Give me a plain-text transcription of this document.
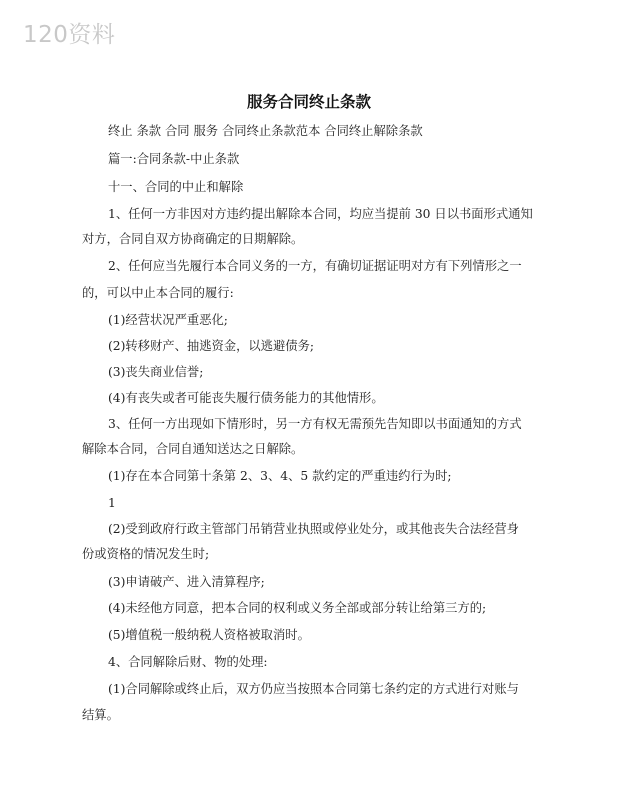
120资料
服务合同终止条款
终止 条款 合同 服务 合同终止条款范本 合同终止解除条款
篇一:合同条款-中止条款
十一、合同的中止和解除
1、任何一方非因对方违约提出解除本合同，均应当提前 30 日以书面形式通知
对方，合同自双方协商确定的日期解除。
2、任何应当先履行本合同义务的一方，有确切证据证明对方有下列情形之一
的，可以中止本合同的履行:
(1)经营状况严重恶化;
(2)转移财产、抽逃资金，以逃避债务;
(3)丧失商业信誉;
(4)有丧失或者可能丧失履行债务能力的其他情形。
3、任何一方出现如下情形时，另一方有权无需预先告知即以书面通知的方式
解除本合同，合同自通知送达之日解除。
(1)存在本合同第十条第 2、3、4、5 款约定的严重违约行为时;
1
(2)受到政府行政主管部门吊销营业执照或停业处分，或其他丧失合法经营身
份或资格的情况发生时;
(3)申请破产、进入清算程序;
(4)未经他方同意，把本合同的权利或义务全部或部分转让给第三方的;
(5)增值税一般纳税人资格被取消时。
4、合同解除后财、物的处理:
(1)合同解除或终止后，双方仍应当按照本合同第七条约定的方式进行对账与
结算。
